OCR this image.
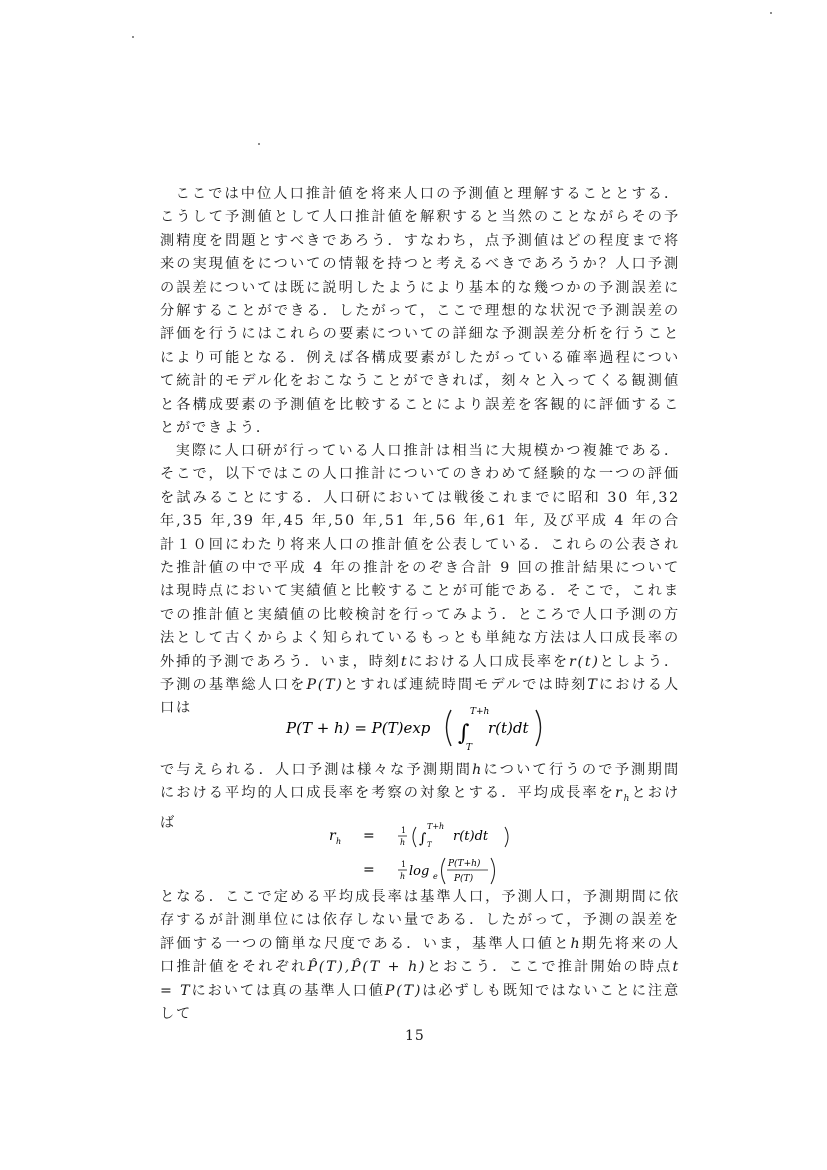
ここでは中位人口推計値を将来人口の予測値と理解することとする．こうして予測値として人口推計値を解釈すると当然のことながらその予測精度を問題とすべきであろう．すなわち，点予測値はどの程度まで将来の実現値をについての情報を持つと考えるべきであろうか？人口予測の誤差については既に説明したようにより基本的な幾つかの予測誤差に分解することができる．したがって，ここで理想的な状況で予測誤差の評価を行うにはこれらの要素についての詳細な予測誤差分析を行うことにより可能となる．例えば各構成要素がしたがっている確率過程について統計的モデル化をおこなうことができれば，刻々と入ってくる観測値と各構成要素の予測値を比較することにより誤差を客観的に評価することができよう．

実際に人口研が行っている人口推計は相当に大規模かつ複雑である．そこで，以下ではこの人口推計についてのきわめて経験的な一つの評価を試みることにする．人口研においては戦後これまでに昭和 30 年,32 年,35 年,39 年,45 年,50 年,51 年,56 年,61 年, 及び平成 4 年の合計１０回にわたり将来人口の推計値を公表している．これらの公表された推計値の中で平成 4 年の推計をのぞき合計 9 回の推計結果については現時点において実績値と比較することが可能である．そこで，これまでの推計値と実績値の比較検討を行ってみよう．ところで人口予測の方法として古くからよく知られているもっとも単純な方法は人口成長率の外挿的予測であろう．いま，時刻tにおける人口成長率をr(t)としよう．予測の基準総人口をP(T)とすれば連続時間モデルでは時刻Tにおける人口は

P(T + h) = P(T)exp ∫
T+h
T
r(t)dt

で与えられる．人口予測は様々な予測期間hについて行うので予測期間における平均的人口成長率を考察の対象とする．平均成長率を$r_h$とおけば

r h =	1
h ∫
T+h
T
r(t)dt
=	1
h log e
P(T+h)
P(T)

となる．ここで定める平均成長率は基準人口，予測人口，予測期間に依存するが計測単位には依存しない量である．したがって，予測の誤差を評価する一つの簡単な尺度である．いま，基準人口値とh期先将来の人口推計値をそれぞれP̂(T),P̂(T + h)とおこう．ここで推計開始の時点t = Tにおいては真の基準人口値P(T)は必ずしも既知ではないことに注意して

15
